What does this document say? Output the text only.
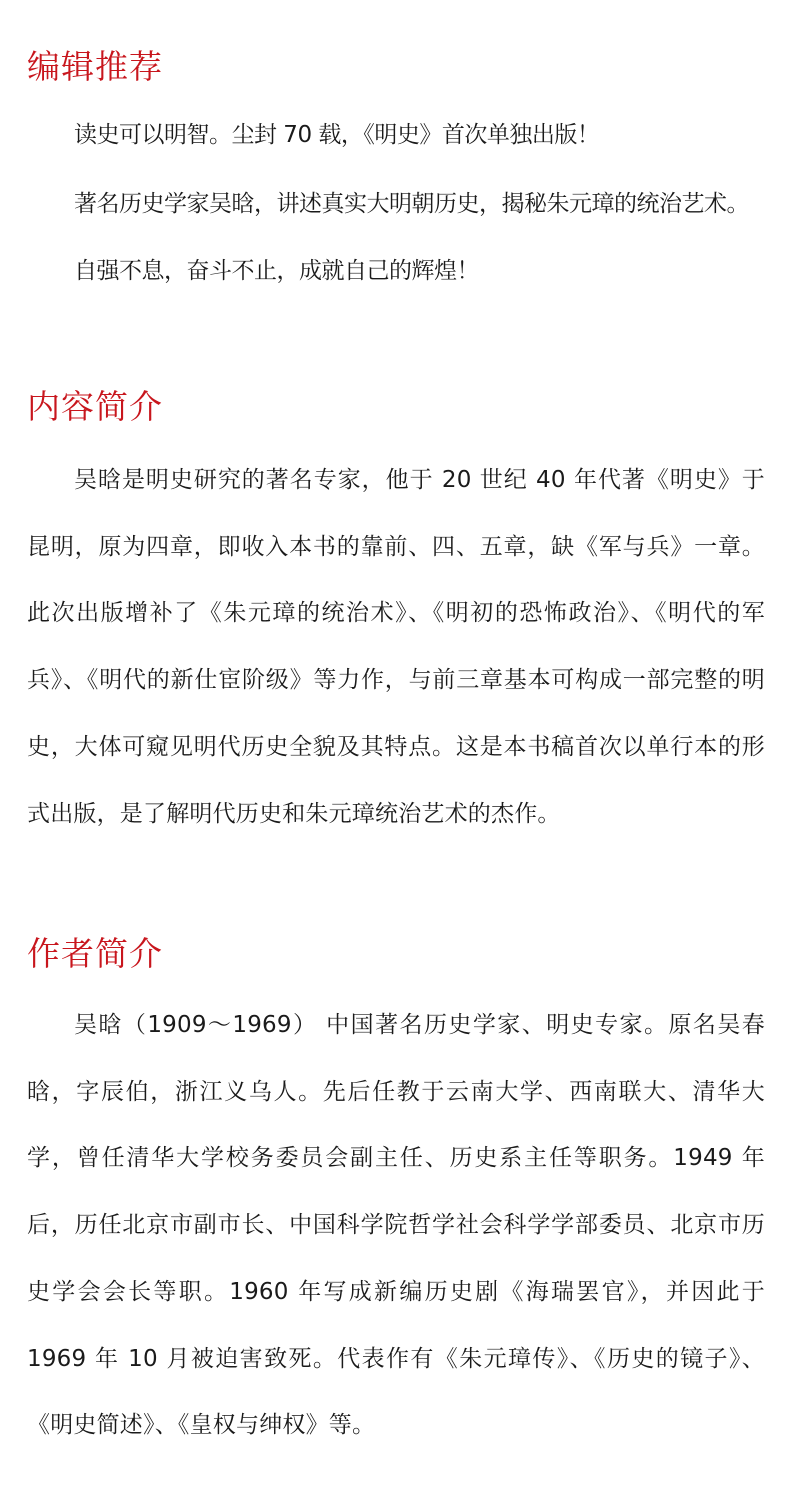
编辑推荐

读史可以明智。尘封 70 载，《明史》首次单独出版！

著名历史学家吴晗，讲述真实大明朝历史，揭秘朱元璋的统治艺术。

自强不息，奋斗不止，成就自己的辉煌！

内容简介

吴晗是明史研究的著名专家，他于 20 世纪 40 年代著《明史》于昆明，原为四章，即收入本书的靠前、四、五章，缺《军与兵》一章。此次出版增补了《朱元璋的统治术》、《明初的恐怖政治》、《明代的军兵》、《明代的新仕宦阶级》等力作，与前三章基本可构成一部完整的明史，大体可窥见明代历史全貌及其特点。这是本书稿首次以单行本的形式出版，是了解明代历史和朱元璋统治艺术的杰作。

作者简介

吴晗（1909～1969） 中国著名历史学家、明史专家。原名吴春晗，字辰伯，浙江义乌人。先后任教于云南大学、西南联大、清华大学，曾任清华大学校务委员会副主任、历史系主任等职务。1949 年后，历任北京市副市长、中国科学院哲学社会科学学部委员、北京市历史学会会长等职。1960 年写成新编历史剧《海瑞罢官》，并因此于 1969 年 10 月被迫害致死。代表作有《朱元璋传》、《历史的镜子》、《明史简述》、《皇权与绅权》等。
